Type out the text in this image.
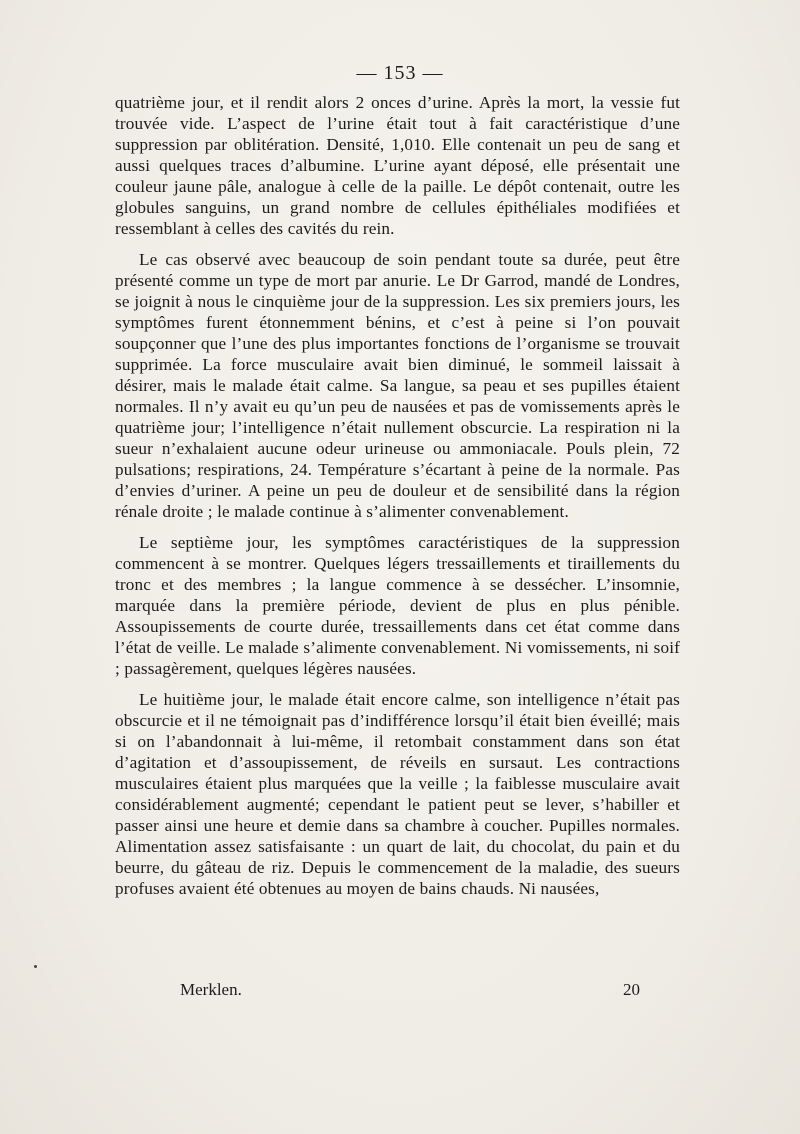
— 153 —

quatrième jour, et il rendit alors 2 onces d’urine. Après la mort, la vessie fut trouvée vide. L’aspect de l’urine était tout à fait caractéristique d’une suppression par oblitération. Densité, 1,010. Elle contenait un peu de sang et aussi quelques traces d’albumine. L’urine ayant déposé, elle présentait une couleur jaune pâle, analogue à celle de la paille. Le dépôt contenait, outre les globules sanguins, un grand nombre de cellules épithéliales modifiées et ressemblant à celles des cavités du rein.

Le cas observé avec beaucoup de soin pendant toute sa durée, peut être présenté comme un type de mort par anurie. Le Dr Garrod, mandé de Londres, se joignit à nous le cinquième jour de la suppression. Les six premiers jours, les symptômes furent étonnemment bénins, et c’est à peine si l’on pouvait soupçonner que l’une des plus importantes fonctions de l’organisme se trouvait supprimée. La force musculaire avait bien diminué, le sommeil laissait à désirer, mais le malade était calme. Sa langue, sa peau et ses pupilles étaient normales. Il n’y avait eu qu’un peu de nausées et pas de vomissements après le quatrième jour; l’intelligence n’était nullement obscurcie. La respiration ni la sueur n’exhalaient aucune odeur urineuse ou ammoniacale. Pouls plein, 72 pulsations; respirations, 24. Température s’écartant à peine de la normale. Pas d’envies d’uriner. A peine un peu de douleur et de sensibilité dans la région rénale droite ; le malade continue à s’alimenter convenablement.

Le septième jour, les symptômes caractéristiques de la suppression commencent à se montrer. Quelques légers tressaillements et tiraillements du tronc et des membres ; la langue commence à se dessécher. L’insomnie, marquée dans la première période, devient de plus en plus pénible. Assoupissements de courte durée, tressaillements dans cet état comme dans l’état de veille. Le malade s’alimente convenablement. Ni vomissements, ni soif ; passagèrement, quelques légères nausées.

Le huitième jour, le malade était encore calme, son intelligence n’était pas obscurcie et il ne témoignait pas d’indifférence lorsqu’il était bien éveillé; mais si on l’abandonnait à lui-même, il retombait constamment dans son état d’agitation et d’assoupissement, de réveils en sursaut. Les contractions musculaires étaient plus marquées que la veille ; la faiblesse musculaire avait considérablement augmenté; cependant le patient peut se lever, s’habiller et passer ainsi une heure et demie dans sa chambre à coucher. Pupilles normales. Alimentation assez satisfaisante : un quart de lait, du chocolat, du pain et du beurre, du gâteau de riz. Depuis le commencement de la maladie, des sueurs profuses avaient été obtenues au moyen de bains chauds. Ni nausées,

Merklen.	20
